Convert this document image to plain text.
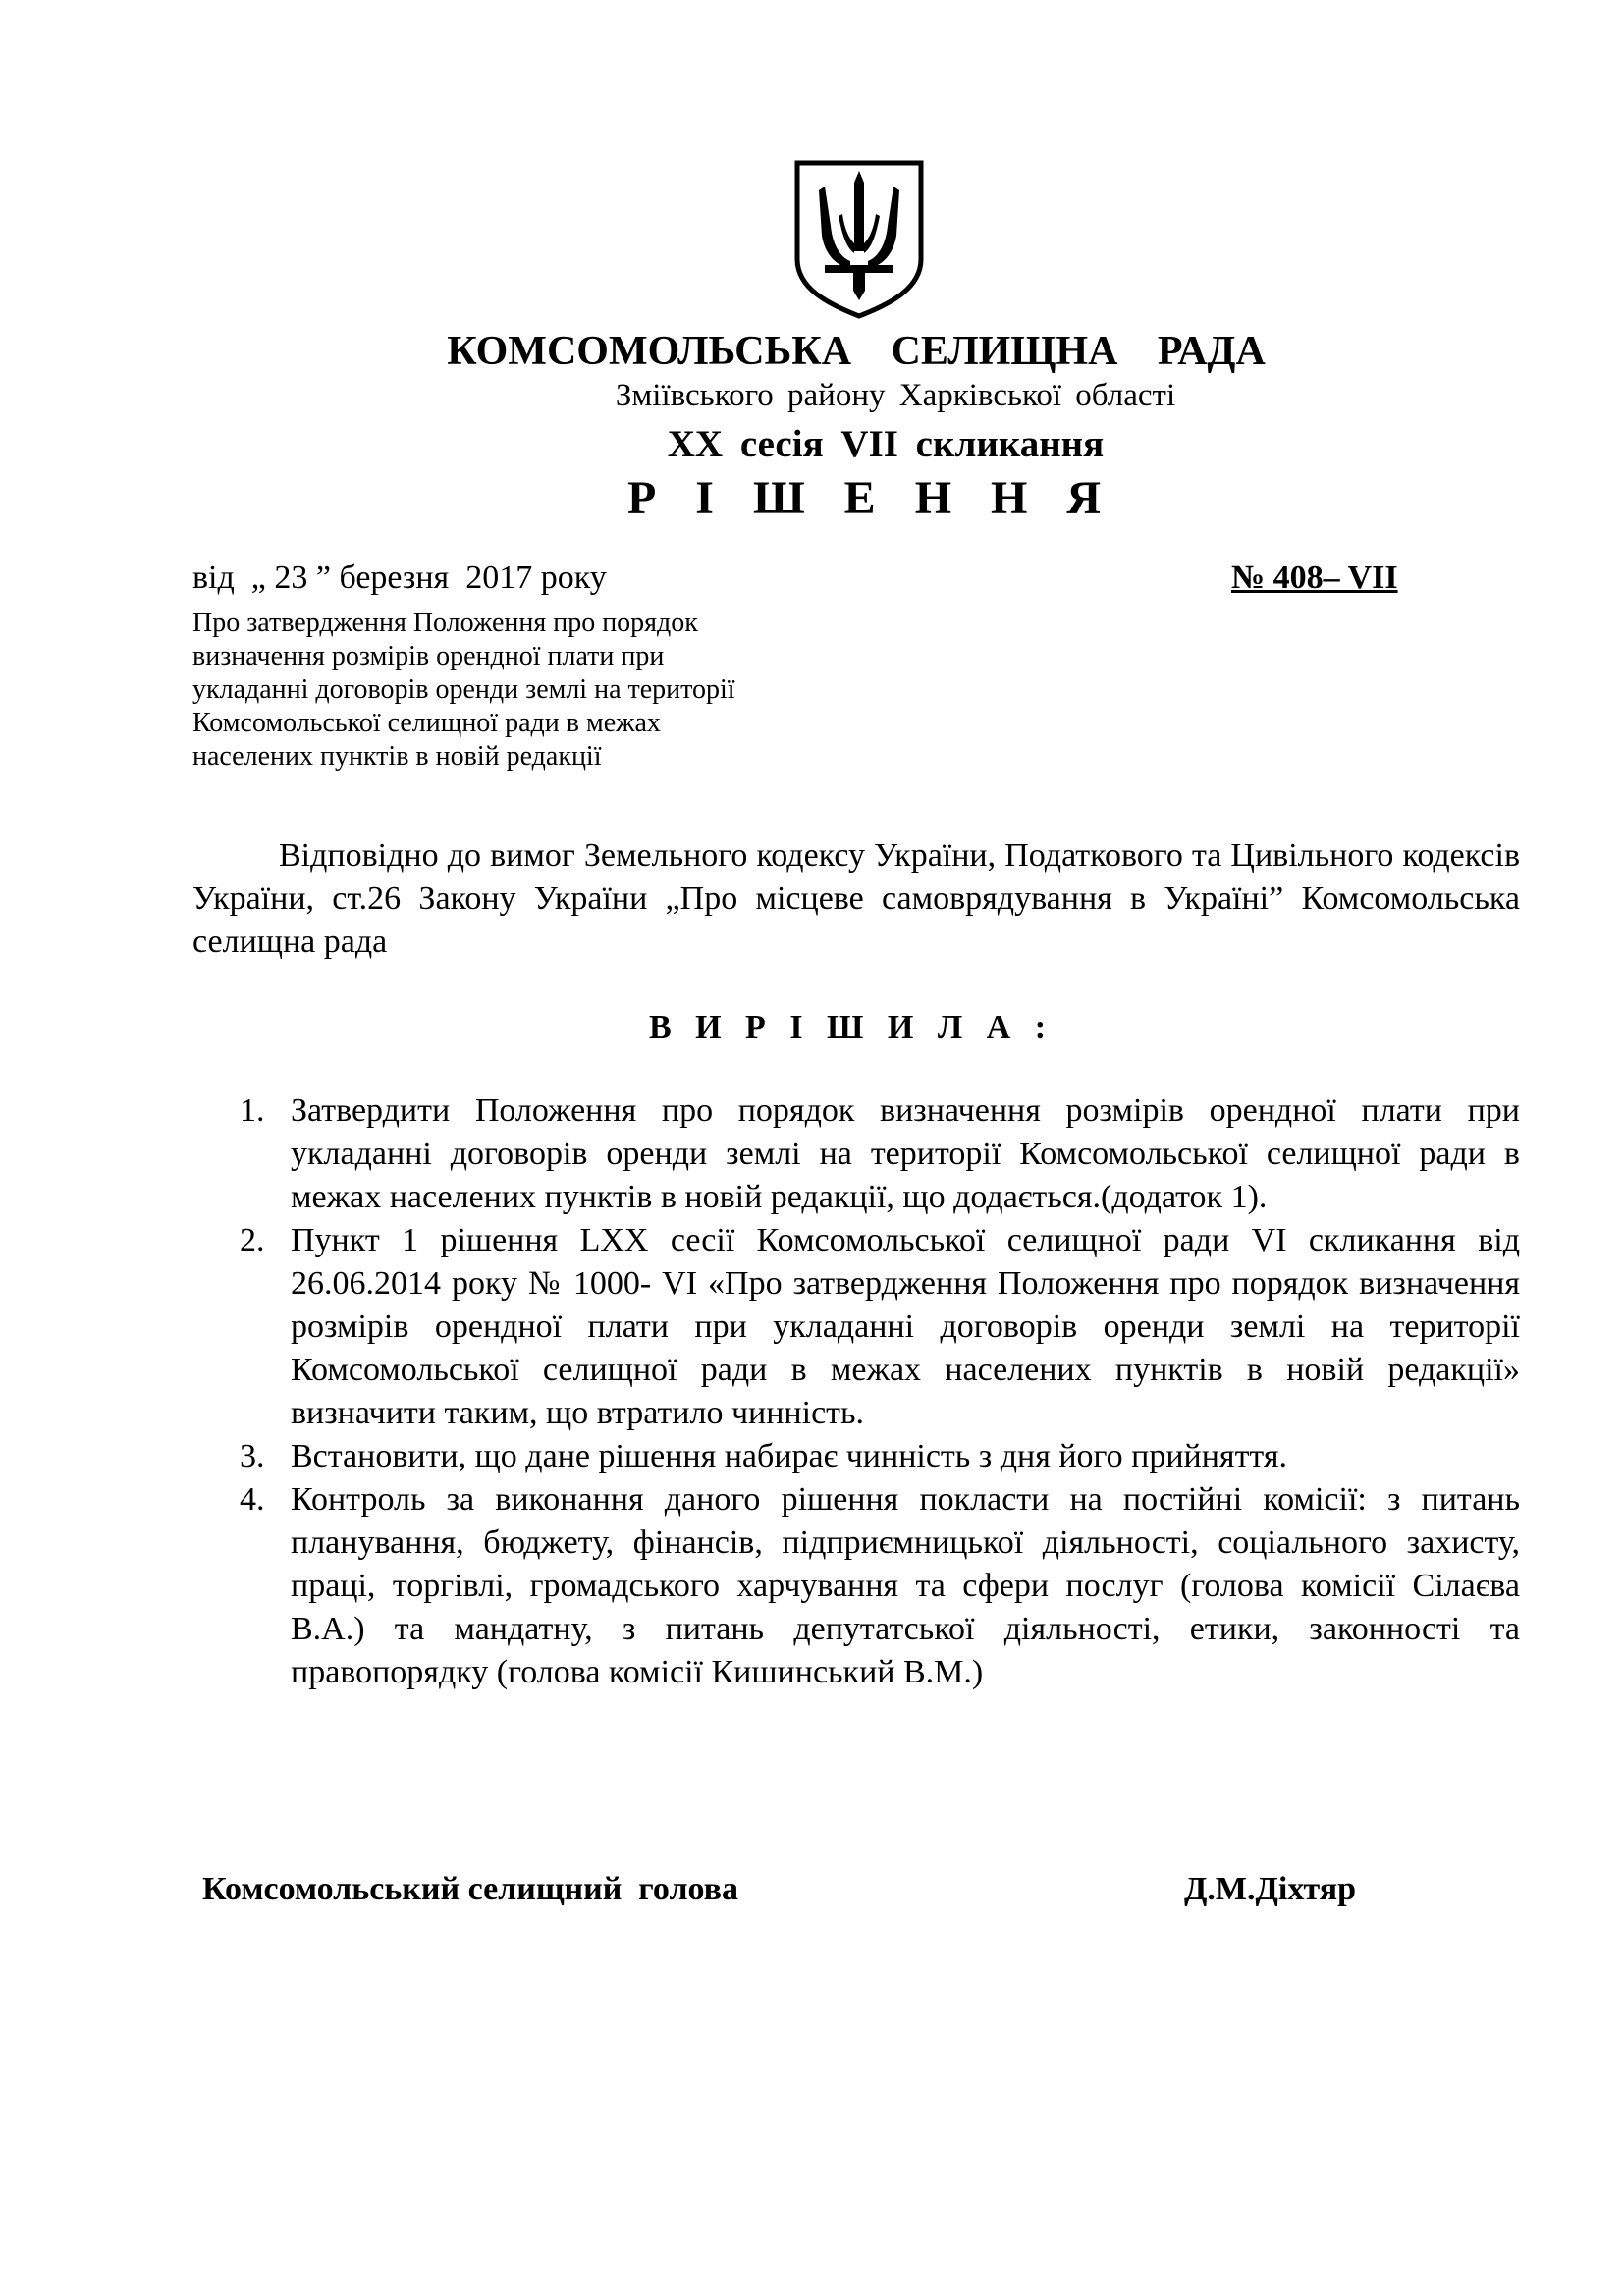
КОМСОМОЛЬСЬКА СЕЛИЩНА РАДА
Зміївського району Харківської області
ХХ сесія VII скликання
Р І Ш Е Н Н Я
від  „ 23 ” березня  2017 року	№ 408– VII
Про затвердження Положення про порядок
визначення розмірів орендної плати при
укладанні договорів оренди землі на території
Комсомольської селищної ради в межах
населених пунктів в новій редакції
Відповідно до вимог Земельного кодексу України, Податкового та Цивільного кодексів України, ст.26 Закону України „Про місцеве самоврядування в Україні” Комсомольська селищна рада
В И Р І Ш И Л А :
1. Затвердити Положення про порядок визначення розмірів орендної плати при укладанні договорів оренди землі на території Комсомольської селищної ради в межах населених пунктів в новій редакції, що додається.(додаток 1).
2. Пункт 1 рішення LXX сесії Комсомольської селищної ради VІ скликання від 26.06.2014 року № 1000- VІ «Про затвердження Положення про порядок визначення розмірів орендної плати при укладанні договорів оренди землі на території Комсомольської селищної ради в межах населених пунктів в новій редакції» визначити таким, що втратило чинність.
3. Встановити, що дане рішення набирає чинність з дня його прийняття.
4. Контроль за виконання даного рішення покласти на постійні комісії: з питань планування, бюджету, фінансів, підприємницької діяльності, соціального захисту, праці, торгівлі, громадського харчування та сфери послуг (голова комісії Сілаєва В.А.) та мандатну, з питань депутатської діяльності, етики, законності та правопорядку (голова комісії Кишинський В.М.)
Комсомольський селищний  голова	Д.М.Діхтяр
